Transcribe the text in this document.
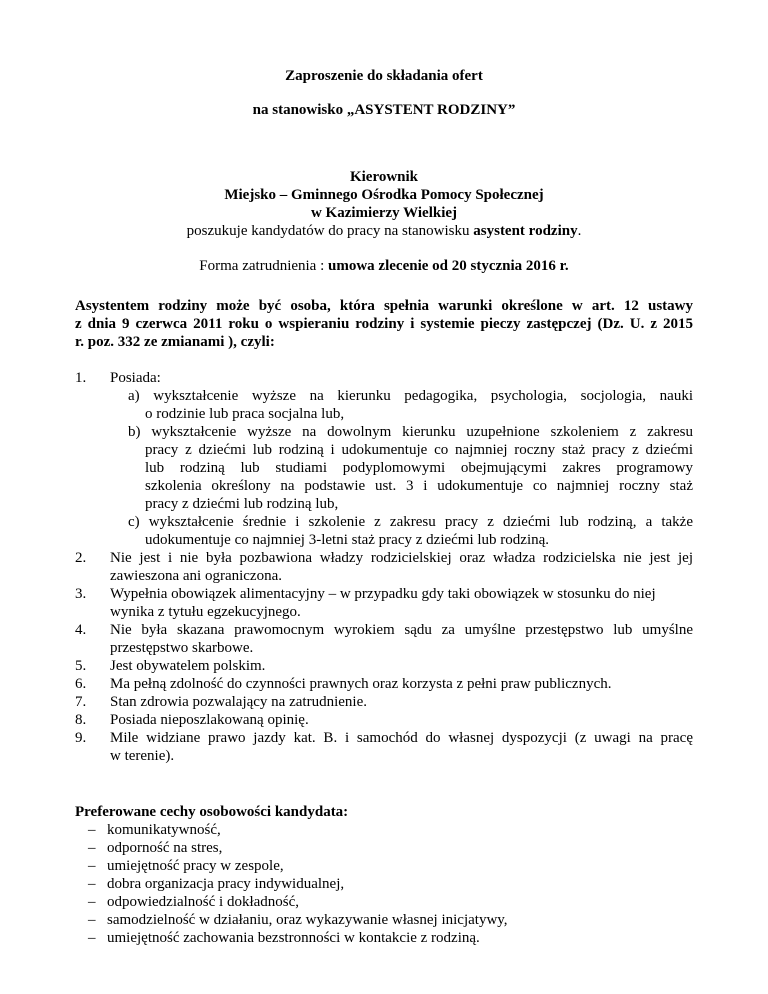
Zaproszenie do składania ofert
na stanowisko „ASYSTENT RODZINY”
Kierownik
Miejsko – Gminnego Ośrodka Pomocy Społecznej
w Kazimierzy Wielkiej
poszukuje kandydatów do pracy na stanowisku asystent rodziny.
Forma zatrudnienia : umowa zlecenie od 20 stycznia 2016 r.
Asystentem rodziny może być osoba, która spełnia warunki określone w art. 12 ustawy
z dnia 9 czerwca 2011 roku o wspieraniu rodziny i systemie pieczy zastępczej (Dz. U. z 2015
r. poz. 332 ze zmianami ), czyli:
1.	Posiada:
a) wykształcenie wyższe na kierunku pedagogika, psychologia, socjologia, nauki
o rodzinie lub praca socjalna lub,
b) wykształcenie wyższe na dowolnym kierunku uzupełnione szkoleniem z zakresu
pracy z dziećmi lub rodziną i udokumentuje co najmniej roczny staż pracy z dziećmi
lub rodziną lub studiami podyplomowymi obejmującymi zakres programowy
szkolenia określony na podstawie ust. 3 i udokumentuje co najmniej roczny staż
pracy z dziećmi lub rodziną lub,
c) wykształcenie średnie i szkolenie z zakresu pracy z dziećmi lub rodziną, a także
udokumentuje co najmniej 3-letni staż pracy z dziećmi lub rodziną.
2.	Nie jest i nie była pozbawiona władzy rodzicielskiej oraz władza rodzicielska nie jest jej
zawieszona ani ograniczona.
3.	Wypełnia obowiązek alimentacyjny – w przypadku gdy taki obowiązek w stosunku do niej
wynika z tytułu egzekucyjnego.
4.	Nie była skazana prawomocnym wyrokiem sądu za umyślne przestępstwo lub umyślne
przestępstwo skarbowe.
5.	Jest obywatelem polskim.
6.	Ma pełną zdolność do czynności prawnych oraz korzysta z pełni praw publicznych.
7.	Stan zdrowia pozwalający na zatrudnienie.
8.	Posiada nieposzlakowaną opinię.
9.	Mile widziane prawo jazdy kat. B. i samochód do własnej dyspozycji (z uwagi na pracę
w terenie).
Preferowane cechy osobowości kandydata:
– komunikatywność,
– odporność na stres,
– umiejętność pracy w zespole,
– dobra organizacja pracy indywidualnej,
– odpowiedzialność i dokładność,
– samodzielność w działaniu, oraz wykazywanie własnej inicjatywy,
– umiejętność zachowania bezstronności w kontakcie z rodziną.
